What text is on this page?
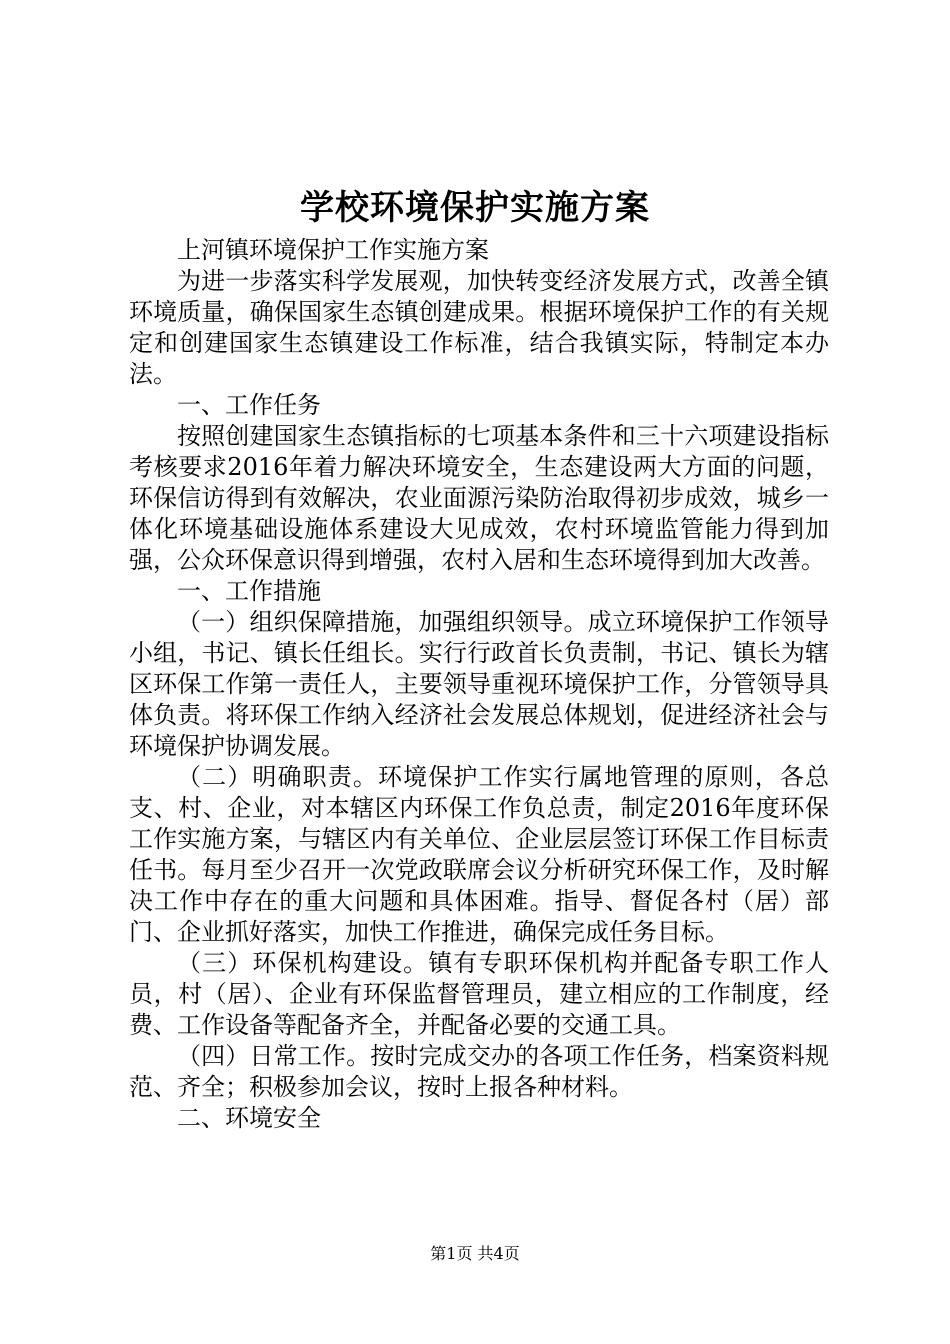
学校环境保护实施方案

上河镇环境保护工作实施方案

为进一步落实科学发展观，加快转变经济发展方式，改善全镇环境质量，确保国家生态镇创建成果。根据环境保护工作的有关规定和创建国家生态镇建设工作标准，结合我镇实际，特制定本办法。

一、工作任务

按照创建国家生态镇指标的七项基本条件和三十六项建设指标考核要求2016年着力解决环境安全，生态建设两大方面的问题，环保信访得到有效解决，农业面源污染防治取得初步成效，城乡一体化环境基础设施体系建设大见成效，农村环境监管能力得到加强，公众环保意识得到增强，农村入居和生态环境得到加大改善。

一、工作措施

（一）组织保障措施，加强组织领导。成立环境保护工作领导小组，书记、镇长任组长。实行行政首长负责制，书记、镇长为辖区环保工作第一责任人，主要领导重视环境保护工作，分管领导具体负责。将环保工作纳入经济社会发展总体规划，促进经济社会与环境保护协调发展。

（二）明确职责。环境保护工作实行属地管理的原则，各总支、村、企业，对本辖区内环保工作负总责，制定2016年度环保工作实施方案，与辖区内有关单位、企业层层签订环保工作目标责任书。每月至少召开一次党政联席会议分析研究环保工作，及时解决工作中存在的重大问题和具体困难。指导、督促各村（居）部门、企业抓好落实，加快工作推进，确保完成任务目标。

（三）环保机构建设。镇有专职环保机构并配备专职工作人员，村（居）、企业有环保监督管理员，建立相应的工作制度，经费、工作设备等配备齐全，并配备必要的交通工具。

（四）日常工作。按时完成交办的各项工作任务，档案资料规范、齐全；积极参加会议，按时上报各种材料。

二、环境安全

第1页 共4页
